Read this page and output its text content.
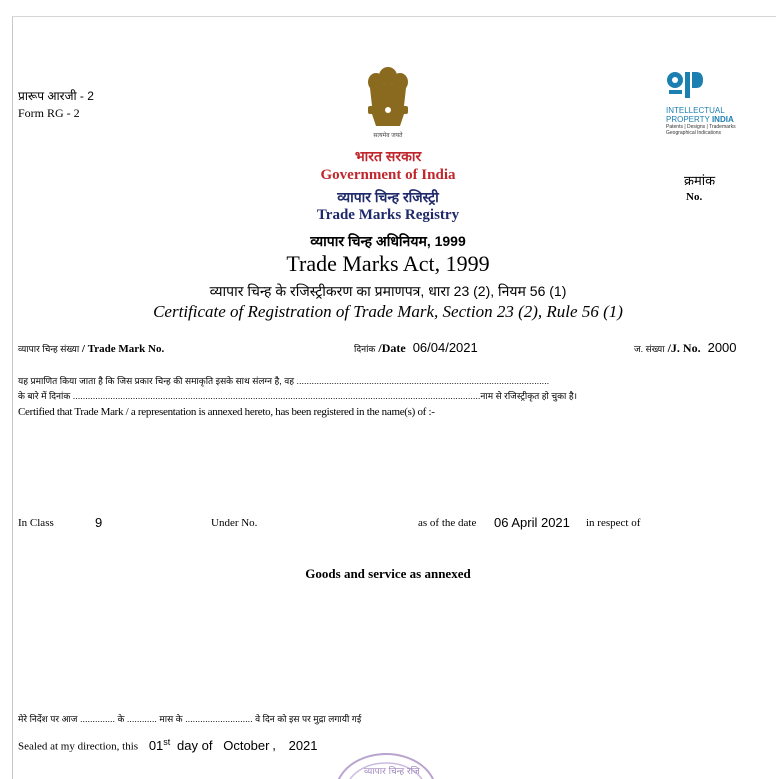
प्रारूप आरजी - 2
Form RG - 2
सत्यमेव जयते
INTELLECTUAL
PROPERTY INDIA
Patents | Designs | Trademarks
Geographical Indications
क्रमांक
No.
भारत सरकार
Government of India
व्यापार चिन्ह रजिस्ट्री
Trade Marks Registry
व्यापार चिन्ह अधिनियम, 1999
Trade Marks Act, 1999
व्यापार चिन्ह के रजिस्ट्रीकरण का प्रमाणपत्र, धारा 23 (2), नियम 56 (1)
Certificate of Registration of Trade Mark, Section 23 (2), Rule 56 (1)
व्यापार चिन्ह संख्या / Trade Mark No.	दिनांक /Date 06/04/2021	ज. संख्या /J. No. 2000
यह प्रमाणित किया जाता है कि जिस प्रकार चिन्ह की समाकृति इसके साथ संलग्न है, वह .....................................................................................................
के बारे में दिनांक ...................................................................................................................................................................नाम से रजिस्ट्रीकृत हो चुका है।
Certified that Trade Mark / a representation is annexed hereto, has been registered in the name(s) of :-
In Class	9	Under No.	as of the date 06 April 2021 in respect of
Goods and service as annexed
मेरे निर्देश पर आज .............. के ............ मास के ........................... वे दिन को इस पर मुद्रा लगायी गई
Sealed at my direction, this 01st day of October , 2021
व्यापार चिन्ह रजि
